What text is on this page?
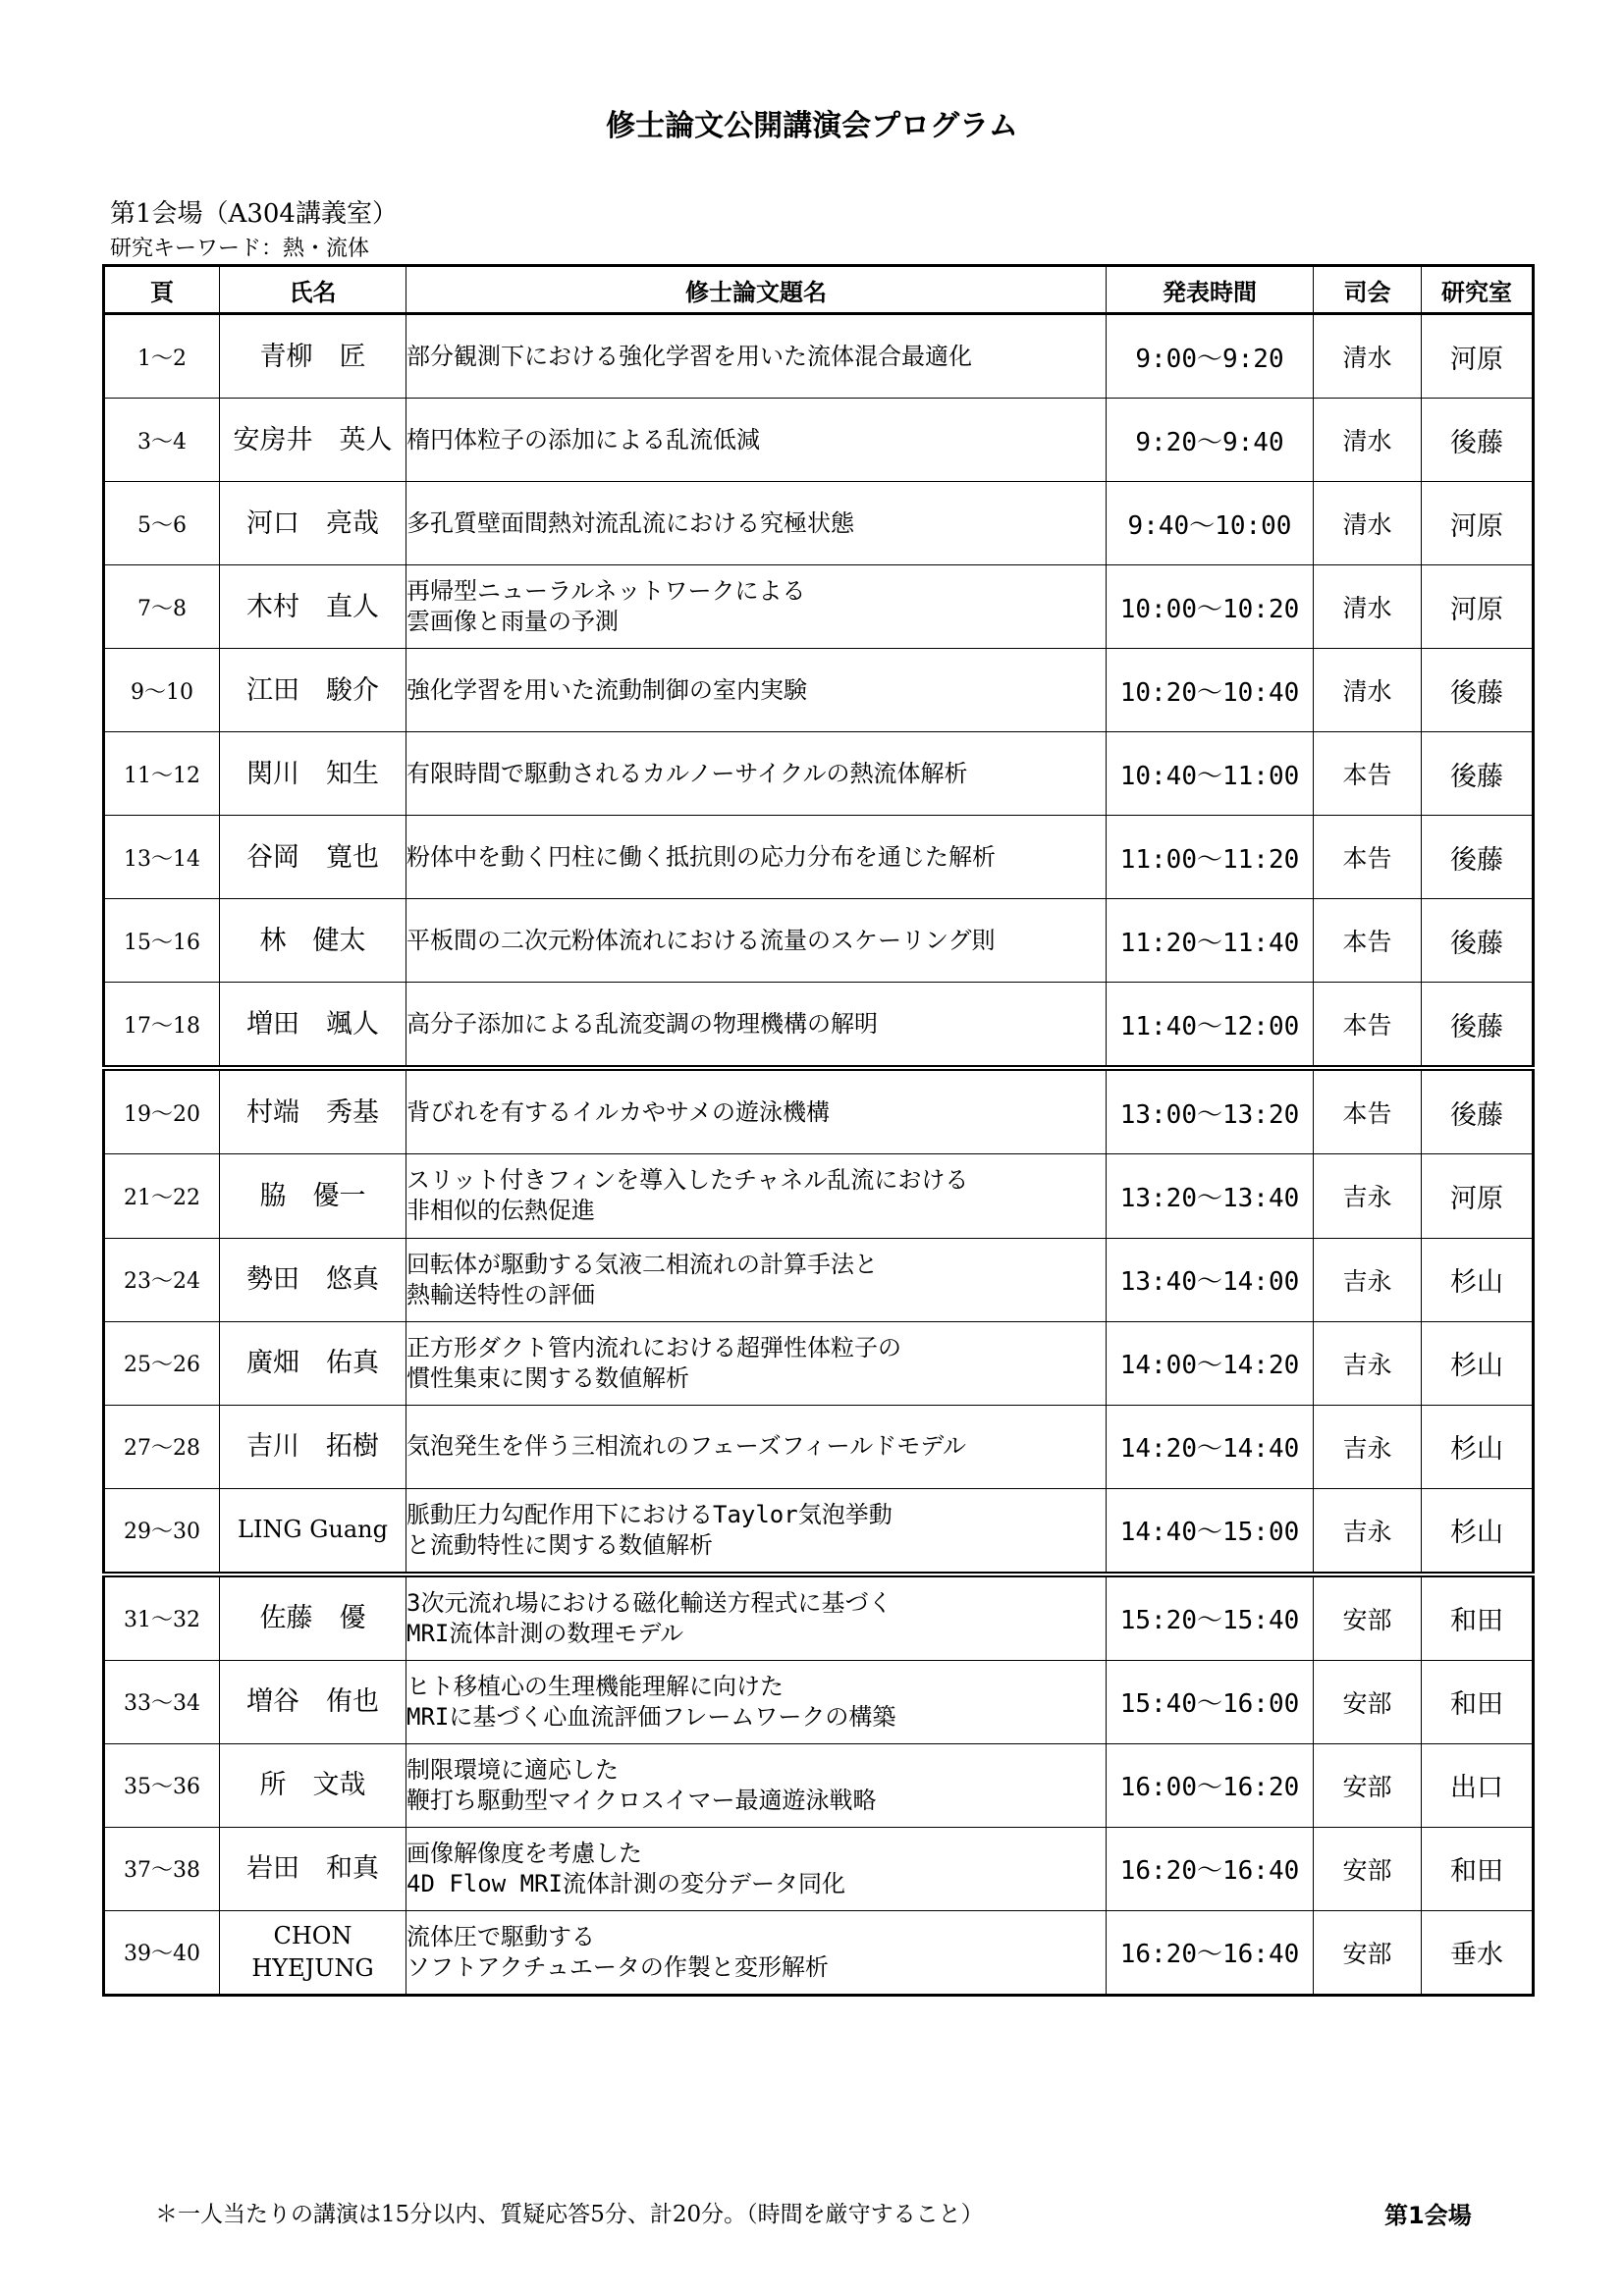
修士論文公開講演会プログラム
第1会場（A304講義室）
研究キーワード：熱・流体
頁	氏名	修士論文題名	発表時間	司会	研究室
1～2	青柳　匠	部分観測下における強化学習を用いた流体混合最適化	9:00～9:20	清水	河原
3～4	安房井　英人	楕円体粒子の添加による乱流低減	9:20～9:40	清水	後藤
5～6	河口　亮哉	多孔質壁面間熱対流乱流における究極状態	9:40～10:00	清水	河原
7～8	木村　直人	再帰型ニューラルネットワークによる
雲画像と雨量の予測	10:00～10:20	清水	河原
9～10	江田　駿介	強化学習を用いた流動制御の室内実験	10:20～10:40	清水	後藤
11～12	関川　知生	有限時間で駆動されるカルノーサイクルの熱流体解析	10:40～11:00	本告	後藤
13～14	谷岡　寛也	粉体中を動く円柱に働く抵抗則の応力分布を通じた解析	11:00～11:20	本告	後藤
15～16	林　健太	平板間の二次元粉体流れにおける流量のスケーリング則	11:20～11:40	本告	後藤
17～18	増田　颯人	高分子添加による乱流変調の物理機構の解明	11:40～12:00	本告	後藤
19～20	村端　秀基	背びれを有するイルカやサメの遊泳機構	13:00～13:20	本告	後藤
21～22	脇　優一	スリット付きフィンを導入したチャネル乱流における
非相似的伝熱促進	13:20～13:40	吉永	河原
23～24	勢田　悠真	回転体が駆動する気液二相流れの計算手法と
熱輸送特性の評価	13:40～14:00	吉永	杉山
25～26	廣畑　佑真	正方形ダクト管内流れにおける超弾性体粒子の
慣性集束に関する数値解析	14:00～14:20	吉永	杉山
27～28	吉川　拓樹	気泡発生を伴う三相流れのフェーズフィールドモデル	14:20～14:40	吉永	杉山
29～30	LING Guang	脈動圧力勾配作用下におけるTaylor気泡挙動
と流動特性に関する数値解析	14:40～15:00	吉永	杉山
31～32	佐藤　優	3次元流れ場における磁化輸送方程式に基づく
MRI流体計測の数理モデル	15:20～15:40	安部	和田
33～34	増谷　侑也	ヒト移植心の生理機能理解に向けた
MRIに基づく心血流評価フレームワークの構築	15:40～16:00	安部	和田
35～36	所　文哉	制限環境に適応した
鞭打ち駆動型マイクロスイマー最適遊泳戦略	16:00～16:20	安部	出口
37～38	岩田　和真	画像解像度を考慮した
4D Flow MRI流体計測の変分データ同化	16:20～16:40	安部	和田
39～40	CHON
HYEJUNG	流体圧で駆動する
ソフトアクチュエータの作製と変形解析	16:20～16:40	安部	垂水
＊一人当たりの講演は15分以内、質疑応答5分、計20分。（時間を厳守すること）	第1会場
